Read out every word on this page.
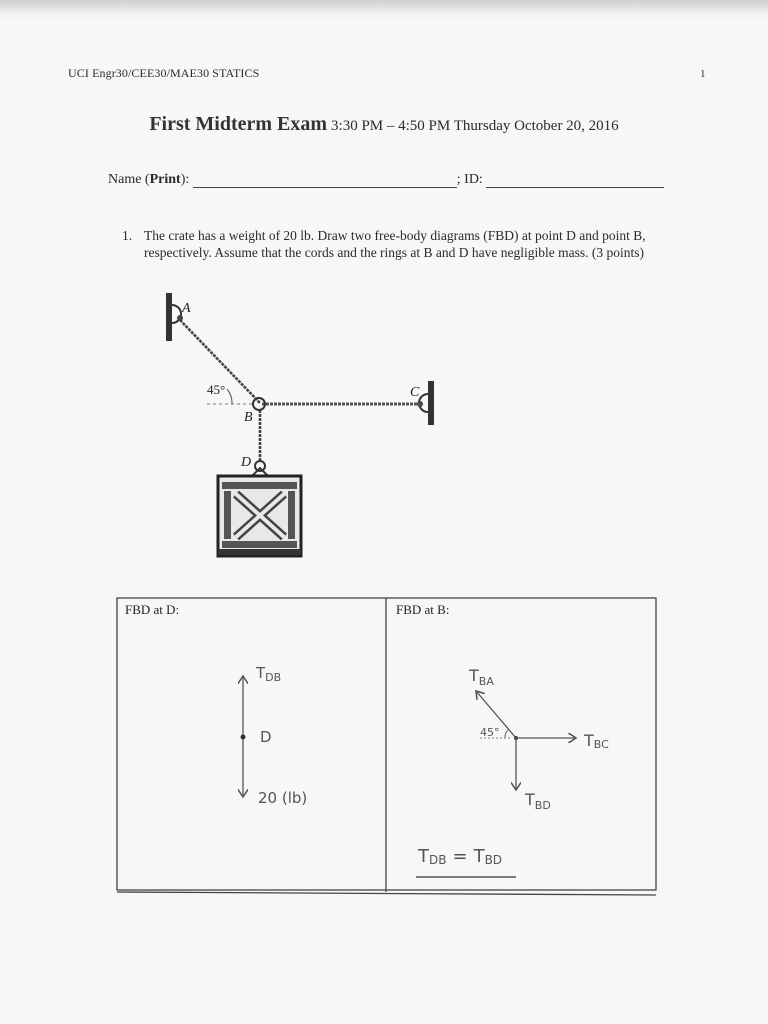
UCI Engr30/CEE30/MAE30 STATICS	1
First Midterm Exam 3:30 PM – 4:50 PM Thursday October 20, 2016
Name (Print):	; ID:
1. The crate has a weight of 20 lb. Draw two free-body diagrams (FBD) at point D and point B, respectively. Assume that the cords and the rings at B and D have negligible mass. (3 points)
A
B
C
D
45°
FBD at D:
$T_{DB}$
D
20 (lb)
FBD at B:
$T_{BA}$
45°	TBC
$T_{BD}$
TDB = TBD
